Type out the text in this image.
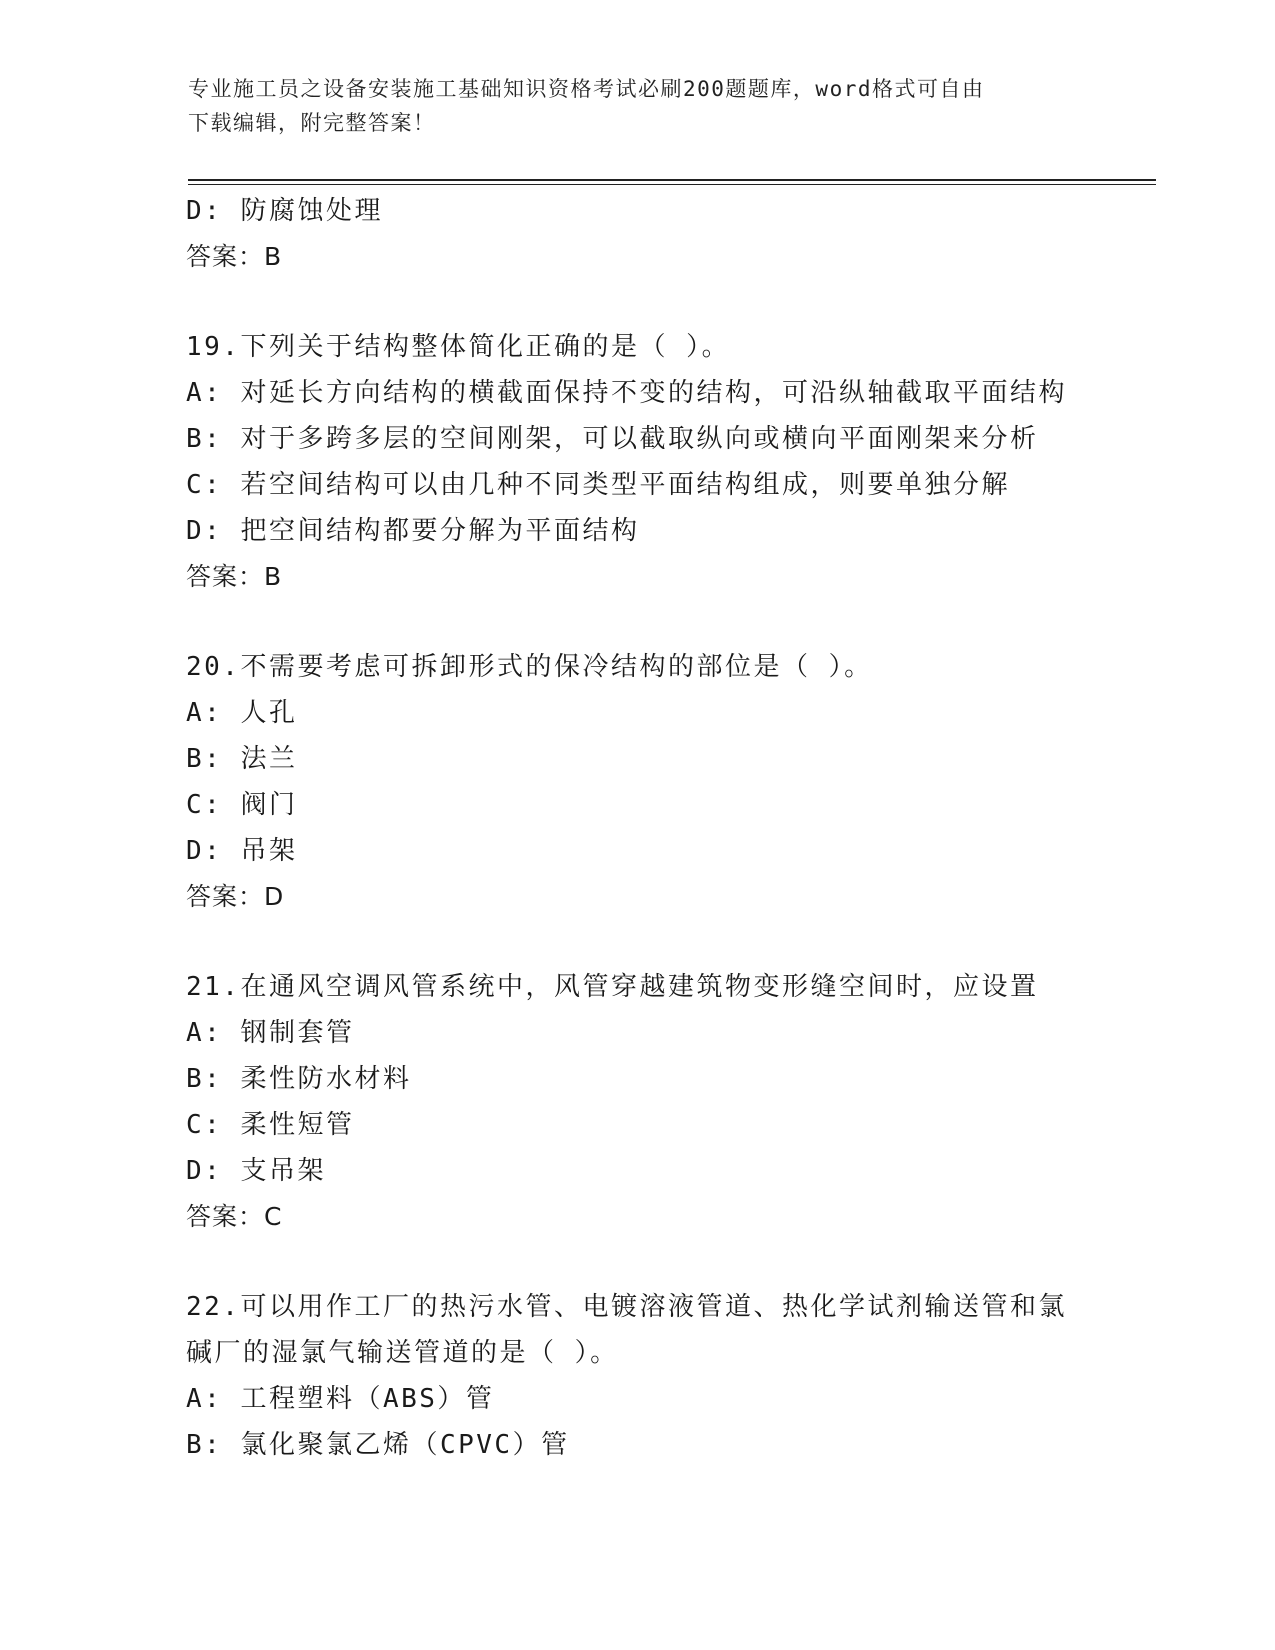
专业施工员之设备安装施工基础知识资格考试必刷200题题库，word格式可自由
下载编辑，附完整答案！
D: 防腐蚀处理
答案：B
19.下列关于结构整体简化正确的是（ ）。
A: 对延长方向结构的横截面保持不变的结构，可沿纵轴截取平面结构
B: 对于多跨多层的空间刚架，可以截取纵向或横向平面刚架来分析
C: 若空间结构可以由几种不同类型平面结构组成，则要单独分解
D: 把空间结构都要分解为平面结构
答案：B
20.不需要考虑可拆卸形式的保冷结构的部位是（ ）。
A: 人孔
B: 法兰
C: 阀门
D: 吊架
答案：D
21.在通风空调风管系统中，风管穿越建筑物变形缝空间时，应设置
A: 钢制套管
B: 柔性防水材料
C: 柔性短管
D: 支吊架
答案：C
22.可以用作工厂的热污水管、电镀溶液管道、热化学试剂输送管和氯
碱厂的湿氯气输送管道的是（ ）。
A: 工程塑料（ABS）管
B: 氯化聚氯乙烯（CPVC）管
